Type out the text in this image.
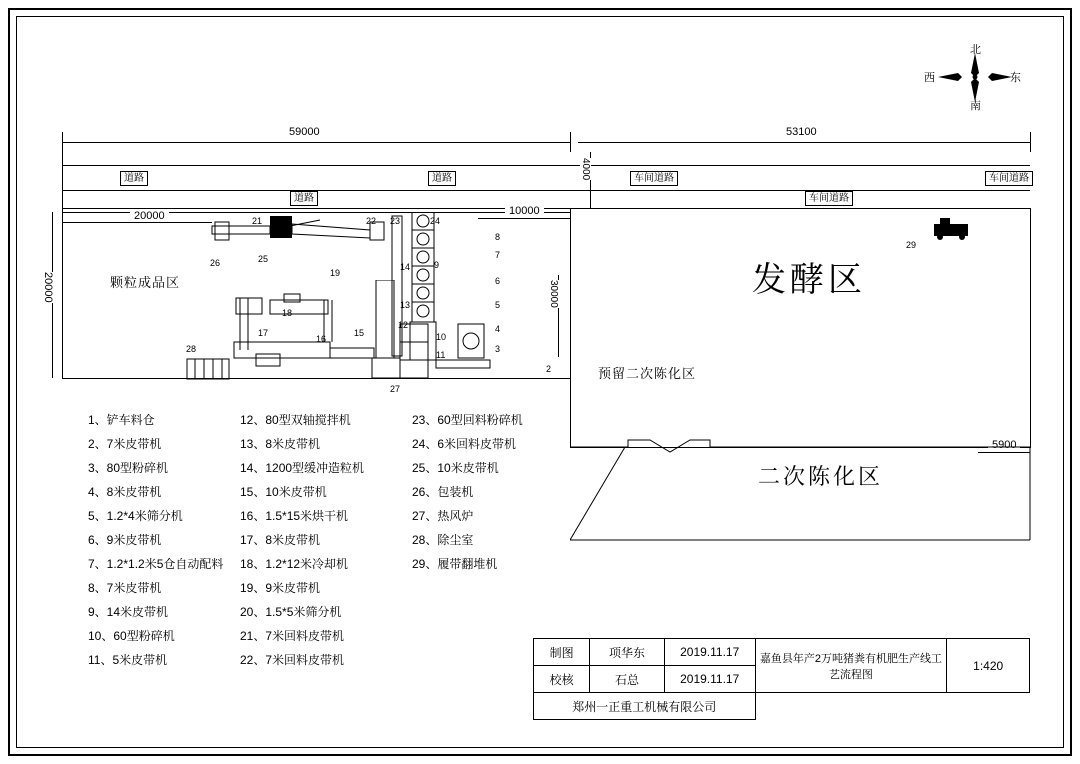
北
南
西	东
59000	53100
道路	道路
道路
车间道路	车间道路
车间道路
4000
20000
20000	10000
30000
颗粒成品区	发酵区
预留二次陈化区
二次陈化区
5900
28
26	25
21 20	22 23	24
8
7
6
5
4
3
2
9
10
11
12
13
14
15
16
17
18
19
27
29
1、铲车料仓
2、7米皮带机
3、80型粉碎机
4、8米皮带机
5、1.2*4米筛分机
6、9米皮带机
7、1.2*1.2米5仓自动配料
8、7米皮带机
9、14米皮带机
10、60型粉碎机
11、5米皮带机
12、80型双轴搅拌机
13、8米皮带机
14、1200型缓冲造粒机
15、10米皮带机
16、1.5*15米烘干机
17、8米皮带机
18、1.2*12米冷却机
19、9米皮带机
20、1.5*5米筛分机
21、7米回料皮带机
22、7米回料皮带机
23、60型回料粉碎机
24、6米回料皮带机
25、10米皮带机
26、包装机
27、热风炉
28、除尘室
29、履带翻堆机
制图	项华东	2019.11.17	嘉鱼县年产2万吨猪粪有机肥生产线工艺流程图	1:420
校核	石总	2019.11.17		
郑州一正重工机械有限公司				
